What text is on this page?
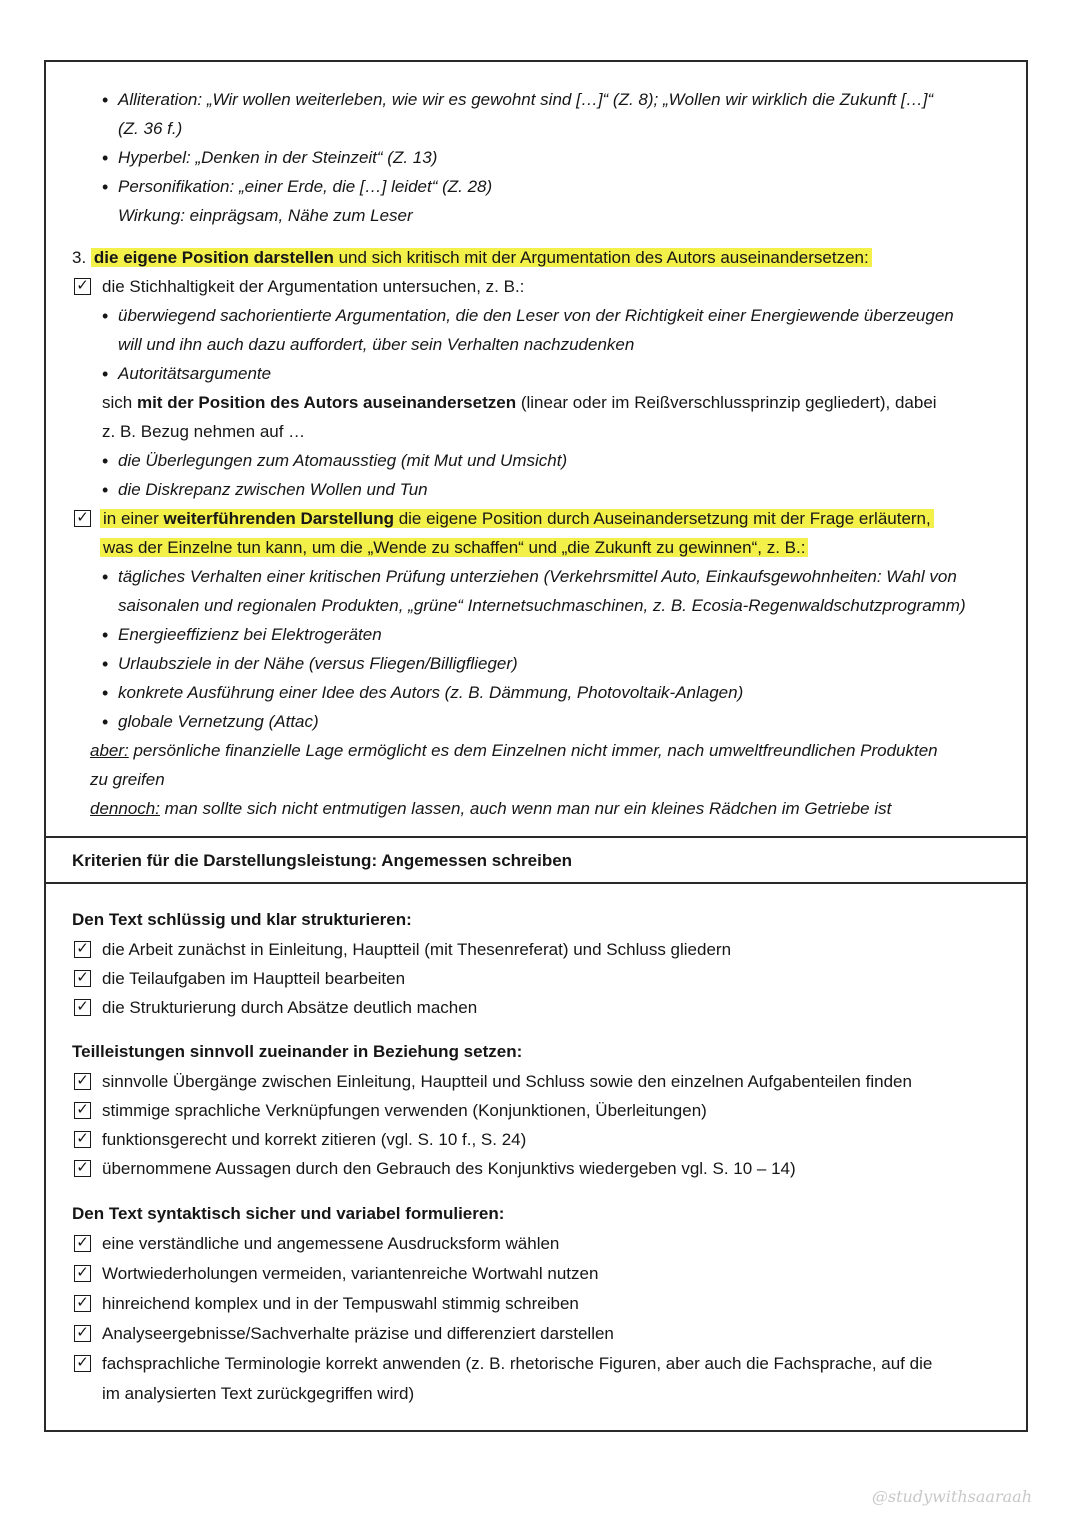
• Alliteration: „Wir wollen weiterleben, wie wir es gewohnt sind […]“ (Z. 8); „Wollen wir wirklich die Zukunft […]“
(Z. 36 f.)
• Hyperbel: „Denken in der Steinzeit“ (Z. 13)
• Personifikation: „einer Erde, die […] leidet“ (Z. 28)
Wirkung: einprägsam, Nähe zum Leser
3. die eigene Position darstellen und sich kritisch mit der Argumentation des Autors auseinandersetzen:
✓ die Stichhaltigkeit der Argumentation untersuchen, z. B.:
• überwiegend sachorientierte Argumentation, die den Leser von der Richtigkeit einer Energiewende überzeugen
will und ihn auch dazu auffordert, über sein Verhalten nachzudenken
• Autoritätsargumente
sich mit der Position des Autors auseinandersetzen (linear oder im Reißverschlussprinzip gegliedert), dabei
z. B. Bezug nehmen auf …
• die Überlegungen zum Atomausstieg (mit Mut und Umsicht)
• die Diskrepanz zwischen Wollen und Tun
✓ in einer weiterführenden Darstellung die eigene Position durch Auseinandersetzung mit der Frage erläutern,
was der Einzelne tun kann, um die „Wende zu schaffen“ und „die Zukunft zu gewinnen“, z. B.:
• tägliches Verhalten einer kritischen Prüfung unterziehen (Verkehrsmittel Auto, Einkaufsgewohnheiten: Wahl von
saisonalen und regionalen Produkten, „grüne“ Internetsuchmaschinen, z. B. Ecosia-Regenwaldschutzprogramm)
• Energieeffizienz bei Elektrogeräten
• Urlaubsziele in der Nähe (versus Fliegen/Billigflieger)
• konkrete Ausführung einer Idee des Autors (z. B. Dämmung, Photovoltaik-Anlagen)
• globale Vernetzung (Attac)
aber: persönliche finanzielle Lage ermöglicht es dem Einzelnen nicht immer, nach umweltfreundlichen Produkten
zu greifen
dennoch: man sollte sich nicht entmutigen lassen, auch wenn man nur ein kleines Rädchen im Getriebe ist
Kriterien für die Darstellungsleistung: Angemessen schreiben
Den Text schlüssig und klar strukturieren:
✓ die Arbeit zunächst in Einleitung, Hauptteil (mit Thesenreferat) und Schluss gliedern
✓ die Teilaufgaben im Hauptteil bearbeiten
✓ die Strukturierung durch Absätze deutlich machen
Teilleistungen sinnvoll zueinander in Beziehung setzen:
✓ sinnvolle Übergänge zwischen Einleitung, Hauptteil und Schluss sowie den einzelnen Aufgabenteilen finden
✓ stimmige sprachliche Verknüpfungen verwenden (Konjunktionen, Überleitungen)
✓ funktionsgerecht und korrekt zitieren (vgl. S. 10 f., S. 24)
✓ übernommene Aussagen durch den Gebrauch des Konjunktivs wiedergeben vgl. S. 10 – 14)
Den Text syntaktisch sicher und variabel formulieren:
✓ eine verständliche und angemessene Ausdrucksform wählen
✓ Wortwiederholungen vermeiden, variantenreiche Wortwahl nutzen
✓ hinreichend komplex und in der Tempuswahl stimmig schreiben
✓ Analyseergebnisse/Sachverhalte präzise und differenziert darstellen
✓ fachsprachliche Terminologie korrekt anwenden (z. B. rhetorische Figuren, aber auch die Fachsprache, auf die
im analysierten Text zurückgegriffen wird)
@studywithsaaraah
